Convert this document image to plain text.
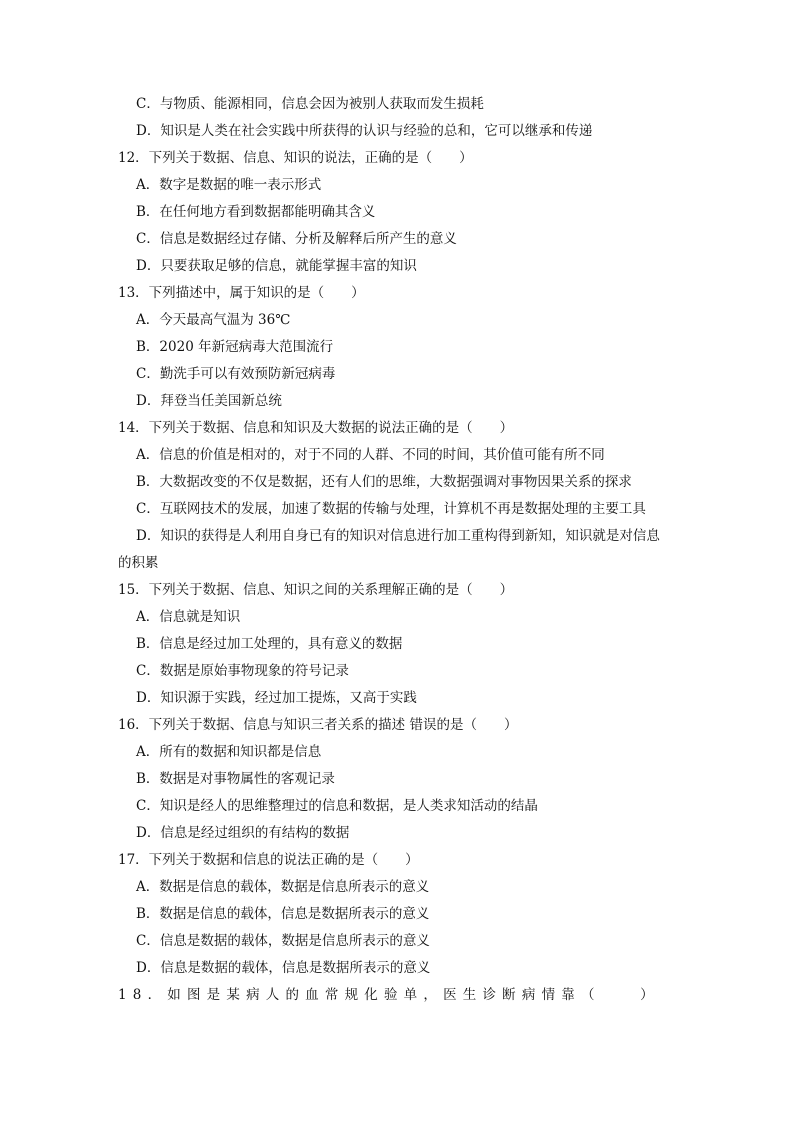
C．与物质、能源相同，信息会因为被别人获取而发生损耗
D．知识是人类在社会实践中所获得的认识与经验的总和，它可以继承和传递
12．下列关于数据、信息、知识的说法，正确的是（　　）
A．数字是数据的唯一表示形式
B．在任何地方看到数据都能明确其含义
C．信息是数据经过存储、分析及解释后所产生的意义
D．只要获取足够的信息，就能掌握丰富的知识
13．下列描述中，属于知识的是（　　）
A．今天最高气温为 36℃
B．2020 年新冠病毒大范围流行
C．勤洗手可以有效预防新冠病毒
D．拜登当任美国新总统
14．下列关于数据、信息和知识及大数据的说法正确的是（　　）
A．信息的价值是相对的，对于不同的人群、不同的时间，其价值可能有所不同
B．大数据改变的不仅是数据，还有人们的思维，大数据强调对事物因果关系的探求
C．互联网技术的发展，加速了数据的传输与处理，计算机不再是数据处理的主要工具
D．知识的获得是人利用自身已有的知识对信息进行加工重构得到新知，知识就是对信息
的积累
15．下列关于数据、信息、知识之间的关系理解正确的是（　　）
A．信息就是知识
B．信息是经过加工处理的，具有意义的数据
C．数据是原始事物现象的符号记录
D．知识源于实践，经过加工提炼，又高于实践
16．下列关于数据、信息与知识三者关系的描述 错误的是（　　）
A．所有的数据和知识都是信息
B．数据是对事物属性的客观记录
C．知识是经人的思维整理过的信息和数据，是人类求知活动的结晶
D．信息是经过组织的有结构的数据
17．下列关于数据和信息的说法正确的是（　　）
A．数据是信息的载体，数据是信息所表示的意义
B．数据是信息的载体，信息是数据所表示的意义
C．信息是数据的载体，数据是信息所表示的意义
D．信息是数据的载体，信息是数据所表示的意义
18．如图是某病人的血常规化验单，医生诊断病情靠（　　）
